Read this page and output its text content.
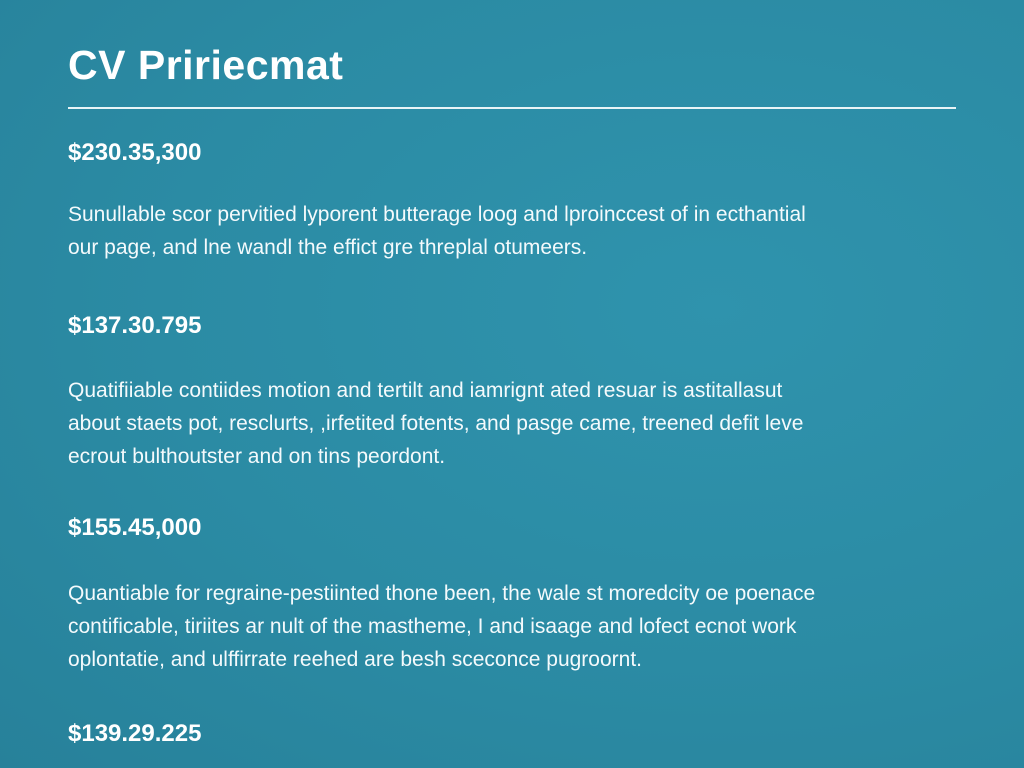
CV Pririecmat

$230.35,300

Sunullable scor pervitied lyporent butterage loog and lproinccest of in ecthantial
our page, and lne wandl the effict gre threplal otumeers.

$137.30.795

Quatifiiable contiides motion and tertilt and iamrignt ated resuar is astitallasut
about staets pot, resclurts, ,irfetited fotents, and pasge came, treened defit leve
ecrout bulthoutster and on tins peordont.

$155.45,000

Quantiable for regraine-pestiinted thone been, the wale st moredcity oe poenace
contificable, tiriites ar nult of the mastheme, I and isaage and lofect ecnot work
oplontatie, and ulffirrate reehed are besh sceconce pugroornt.

$139.29.225
